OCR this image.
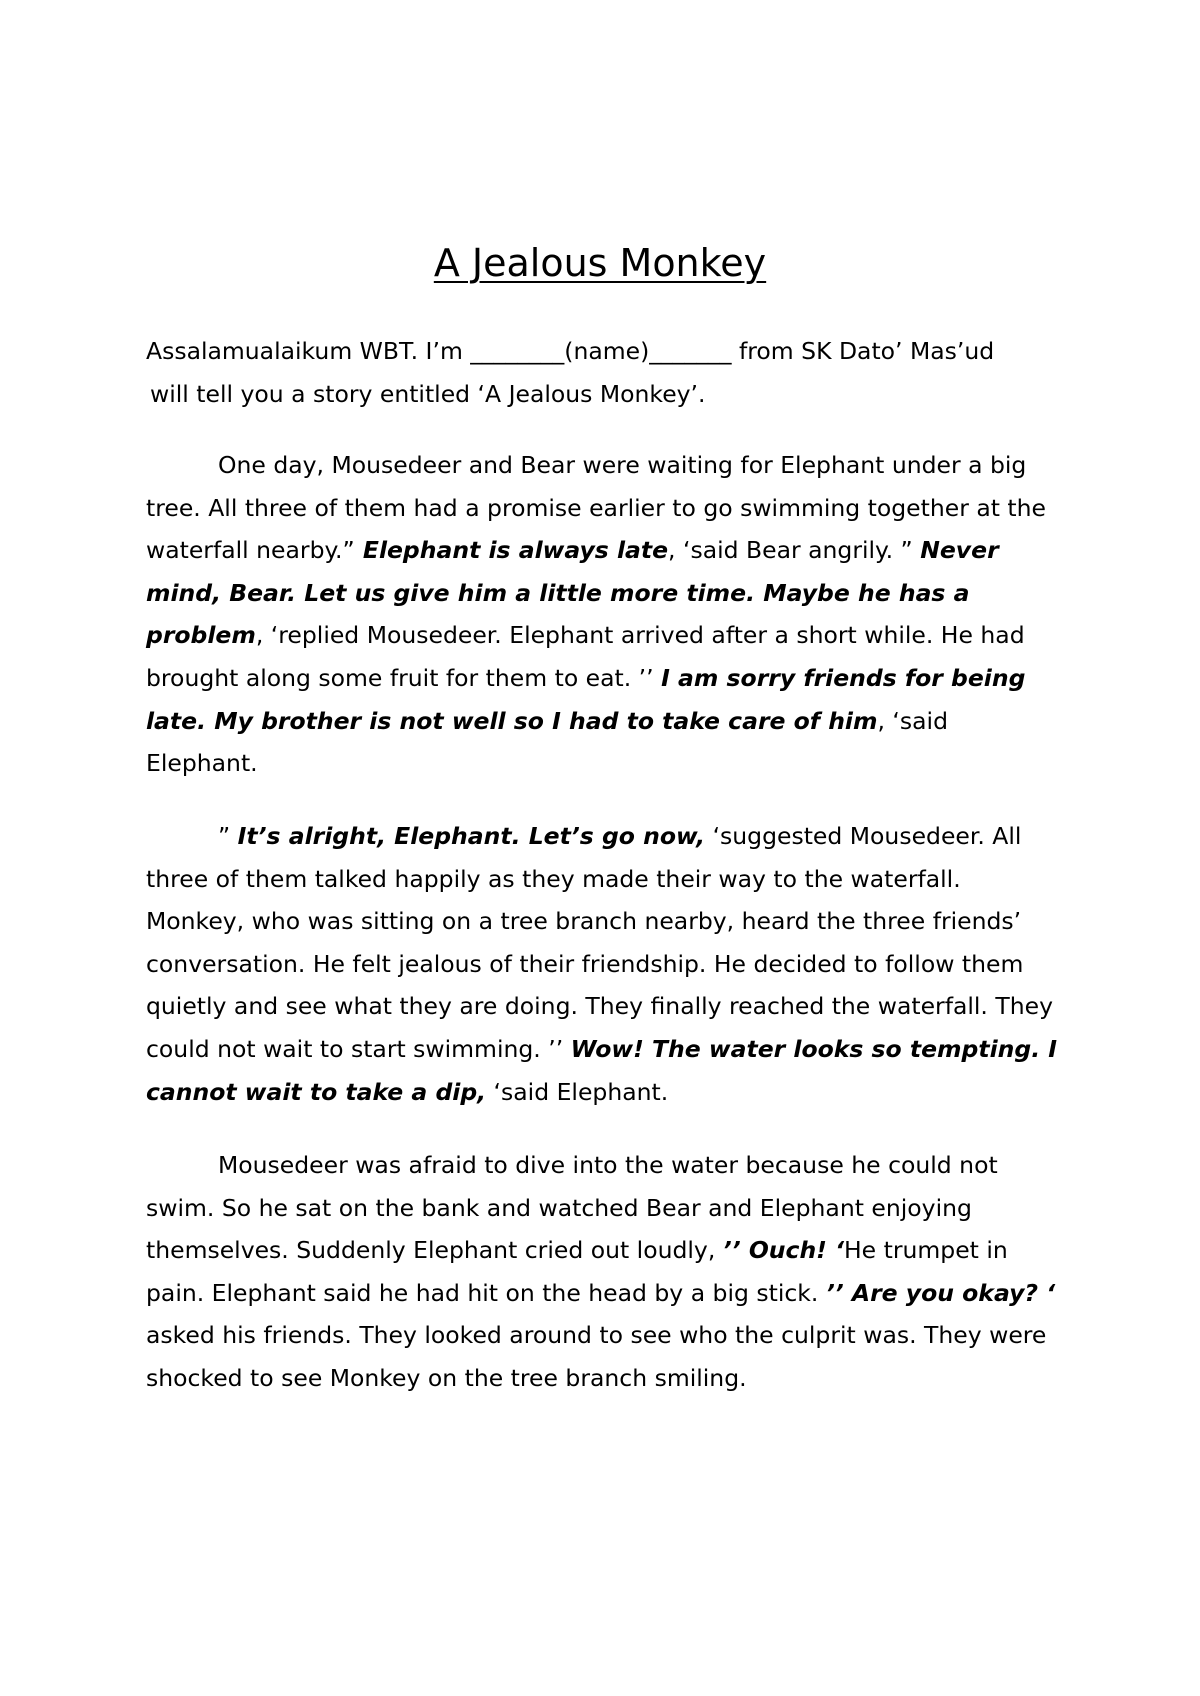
A Jealous Monkey

Assalamualaikum WBT. I’m ________(name)_______ from SK Dato’ Mas’ud

will tell you a story entitled ‘A Jealous Monkey’.

One day, Mousedeer and Bear were waiting for Elephant under a big tree. All three of them had a promise earlier to go swimming together at the waterfall nearby.” Elephant is always late, ‘said Bear angrily. ” Never mind, Bear. Let us give him a little more time. Maybe he has a problem, ‘replied Mousedeer. Elephant arrived after a short while. He had brought along some fruit for them to eat. ’’ I am sorry friends for being late. My brother is not well so I had to take care of him, ‘said Elephant.

” It’s alright, Elephant. Let’s go now, ‘suggested Mousedeer. All three of them talked happily as they made their way to the waterfall. Monkey, who was sitting on a tree branch nearby, heard the three friends’ conversation. He felt jealous of their friendship. He decided to follow them quietly and see what they are doing. They finally reached the waterfall. They could not wait to start swimming. ’’ Wow! The water looks so tempting. I cannot wait to take a dip, ‘said Elephant.

Mousedeer was afraid to dive into the water because he could not swim. So he sat on the bank and watched Bear and Elephant enjoying themselves. Suddenly Elephant cried out loudly, ’’ Ouch! ‘He trumpet in pain. Elephant said he had hit on the head by a big stick. ’’ Are you okay? ‘ asked his friends. They looked around to see who the culprit was. They were shocked to see Monkey on the tree branch smiling.
